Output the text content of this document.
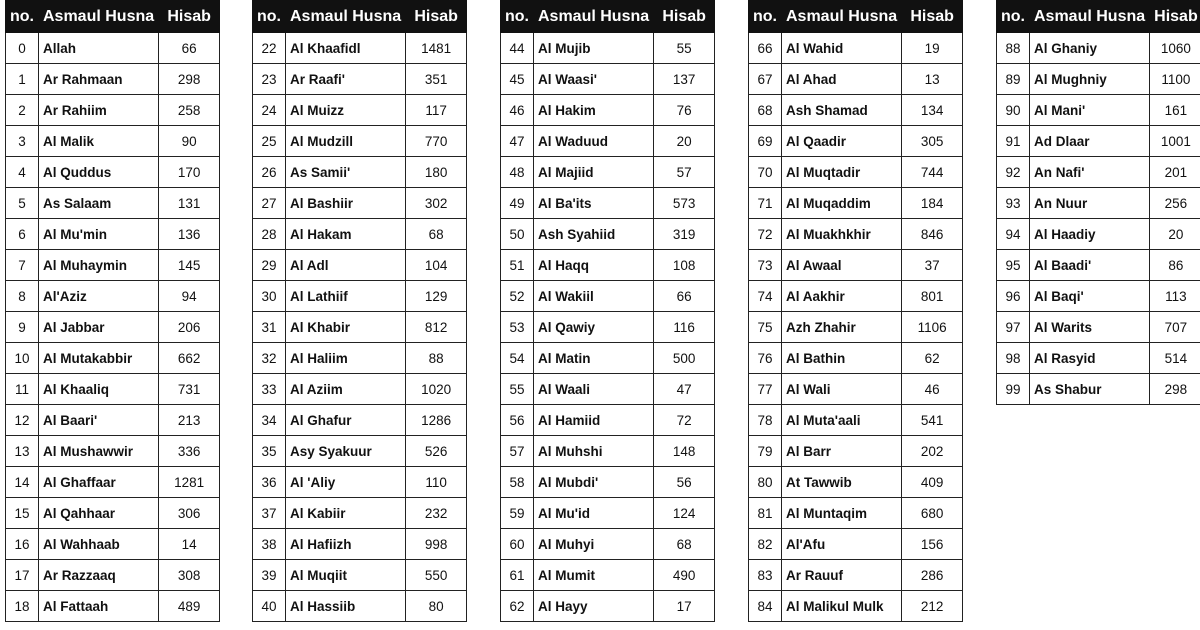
no.	Asmaul Husna	Hisab
0	Allah	66
1	Ar Rahmaan	298
2	Ar Rahiim	258
3	Al Malik	90
4	Al Quddus	170
5	As Salaam	131
6	Al Mu'min	136
7	Al Muhaymin	145
8	Al'Aziz	94
9	Al Jabbar	206
10	Al Mutakabbir	662
11	Al Khaaliq	731
12	Al Baari'	213
13	Al Mushawwir	336
14	Al Ghaffaar	1281
15	Al Qahhaar	306
16	Al Wahhaab	14
17	Ar Razzaaq	308
18	Al Fattaah	489
no.	Asmaul Husna	Hisab
22	Al Khaafidl	1481
23	Ar Raafi'	351
24	Al Muizz	117
25	Al Mudzill	770
26	As Samii'	180
27	Al Bashiir	302
28	Al Hakam	68
29	Al Adl	104
30	Al Lathiif	129
31	Al Khabir	812
32	Al Haliim	88
33	Al Aziim	1020
34	Al Ghafur	1286
35	Asy Syakuur	526
36	Al 'Aliy	110
37	Al Kabiir	232
38	Al Hafiizh	998
39	Al Muqiit	550
40	Al Hassiib	80
no.	Asmaul Husna	Hisab
44	Al Mujib	55
45	Al Waasi'	137
46	Al Hakim	76
47	Al Waduud	20
48	Al Majiid	57
49	Al Ba'its	573
50	Ash Syahiid	319
51	Al Haqq	108
52	Al Wakiil	66
53	Al Qawiy	116
54	Al Matin	500
55	Al Waali	47
56	Al Hamiid	72
57	Al Muhshi	148
58	Al Mubdi'	56
59	Al Mu'id	124
60	Al Muhyi	68
61	Al Mumit	490
62	Al Hayy	17
no.	Asmaul Husna	Hisab
66	Al Wahid	19
67	Al Ahad	13
68	Ash Shamad	134
69	Al Qaadir	305
70	Al Muqtadir	744
71	Al Muqaddim	184
72	Al Muakhkhir	846
73	Al Awaal	37
74	Al Aakhir	801
75	Azh Zhahir	1106
76	Al Bathin	62
77	Al Wali	46
78	Al Muta'aali	541
79	Al Barr	202
80	At Tawwib	409
81	Al Muntaqim	680
82	Al'Afu	156
83	Ar Rauuf	286
84	Al Malikul Mulk	212
no.	Asmaul Husna	Hisab
88	Al Ghaniy	1060
89	Al Mughniy	1100
90	Al Mani'	161
91	Ad Dlaar	1001
92	An Nafi'	201
93	An Nuur	256
94	Al Haadiy	20
95	Al Baadi'	86
96	Al Baqi'	113
97	Al Warits	707
98	Al Rasyid	514
99	As Shabur	298
